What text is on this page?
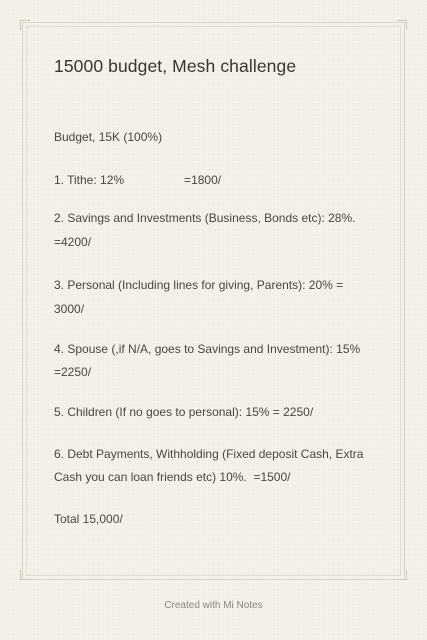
15000 budget, Mesh challenge
Budget, 15K (100%)
1. Tithe: 12%                  =1800/
2. Savings and Investments (Business, Bonds etc): 28%.
=4200/
3. Personal (Including lines for giving, Parents): 20% =
3000/
4. Spouse (,if N/A, goes to Savings and Investment): 15%
=2250/
5. Children (If no goes to personal): 15% = 2250/
6. Debt Payments, Withholding (Fixed deposit Cash, Extra
Cash you can loan friends etc) 10%.  =1500/
Total 15,000/
Created with Mi Notes
